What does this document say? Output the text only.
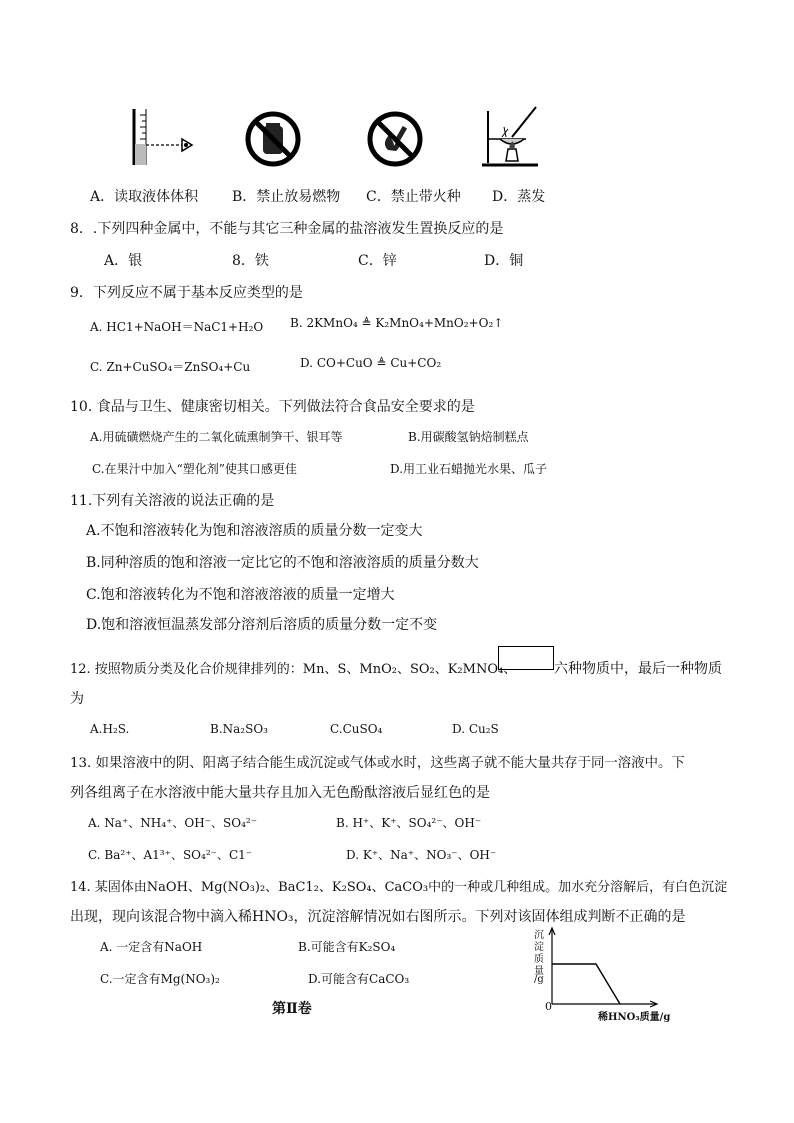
A．读取液体体积 B．禁止放易燃物 C．禁止带火种 D．蒸发
8．.下列四种金属中，不能与其它三种金属的盐溶液发生置换反应的是
A．银	8．铁	C．锌	D．铜
9．下列反应不属于基本反应类型的是
A. HC1+NaOH＝NaC1+H₂O B. 2KMnO₄ ≜ K₂MnO₄+MnO₂+O₂↑
C. Zn+CuSO₄＝ZnSO₄+Cu	D. CO+CuO ≜ Cu+CO₂
10. 食品与卫生、健康密切相关。下列做法符合食品安全要求的是
A.用硫磺燃烧产生的二氧化硫熏制笋干、银耳等	B.用碳酸氢钠焙制糕点
C.在果汁中加入“塑化剂”使其口感更佳	D.用工业石蜡抛光水果、瓜子
11.下列有关溶液的说法正确的是
A.不饱和溶液转化为饱和溶液溶质的质量分数一定变大
B.同种溶质的饱和溶液一定比它的不饱和溶液溶质的质量分数大
C.饱和溶液转化为不饱和溶液溶液的质量一定增大
D.饱和溶液恒温蒸发部分溶剂后溶质的质量分数一定不变
12. 按照物质分类及化合价规律排列的：Mn、S、MnO₂、SO₂、K₂MNO₄、	六种物质中，最后一种物质
为
A.H₂S.	B.Na₂SO₃	C.CuSO₄	D. Cu₂S
13. 如果溶液中的阴、阳离子结合能生成沉淀或气体或水时，这些离子就不能大量共存于同一溶液中。下
列各组离子在水溶液中能大量共存且加入无色酚酞溶液后显红色的是
A. Na⁺、NH₄⁺、OH⁻、SO₄²⁻	B. H⁺、K⁺、SO₄²⁻、OH⁻
C. Ba²⁺、A1³⁺、SO₄²⁻、C1⁻	D. K⁺、Na⁺、NO₃⁻、OH⁻
14. 某固体由NaOH、Mg(NO₃)₂、BaC1₂、K₂SO₄、CaCO₃中的一种或几种组成。加水充分溶解后，有白色沉淀
出现，现向该混合物中滴入稀HNO₃，沉淀溶解情况如右图所示。下列对该固体组成判断不正确的是
A. 一定含有NaOH	B.可能含有K₂SO₄
C.一定含有Mg(NO₃)₂	D.可能含有CaCO₃
第Ⅱ卷
沉
淀
质
量
/g
0
稀HNO₃质量/g
